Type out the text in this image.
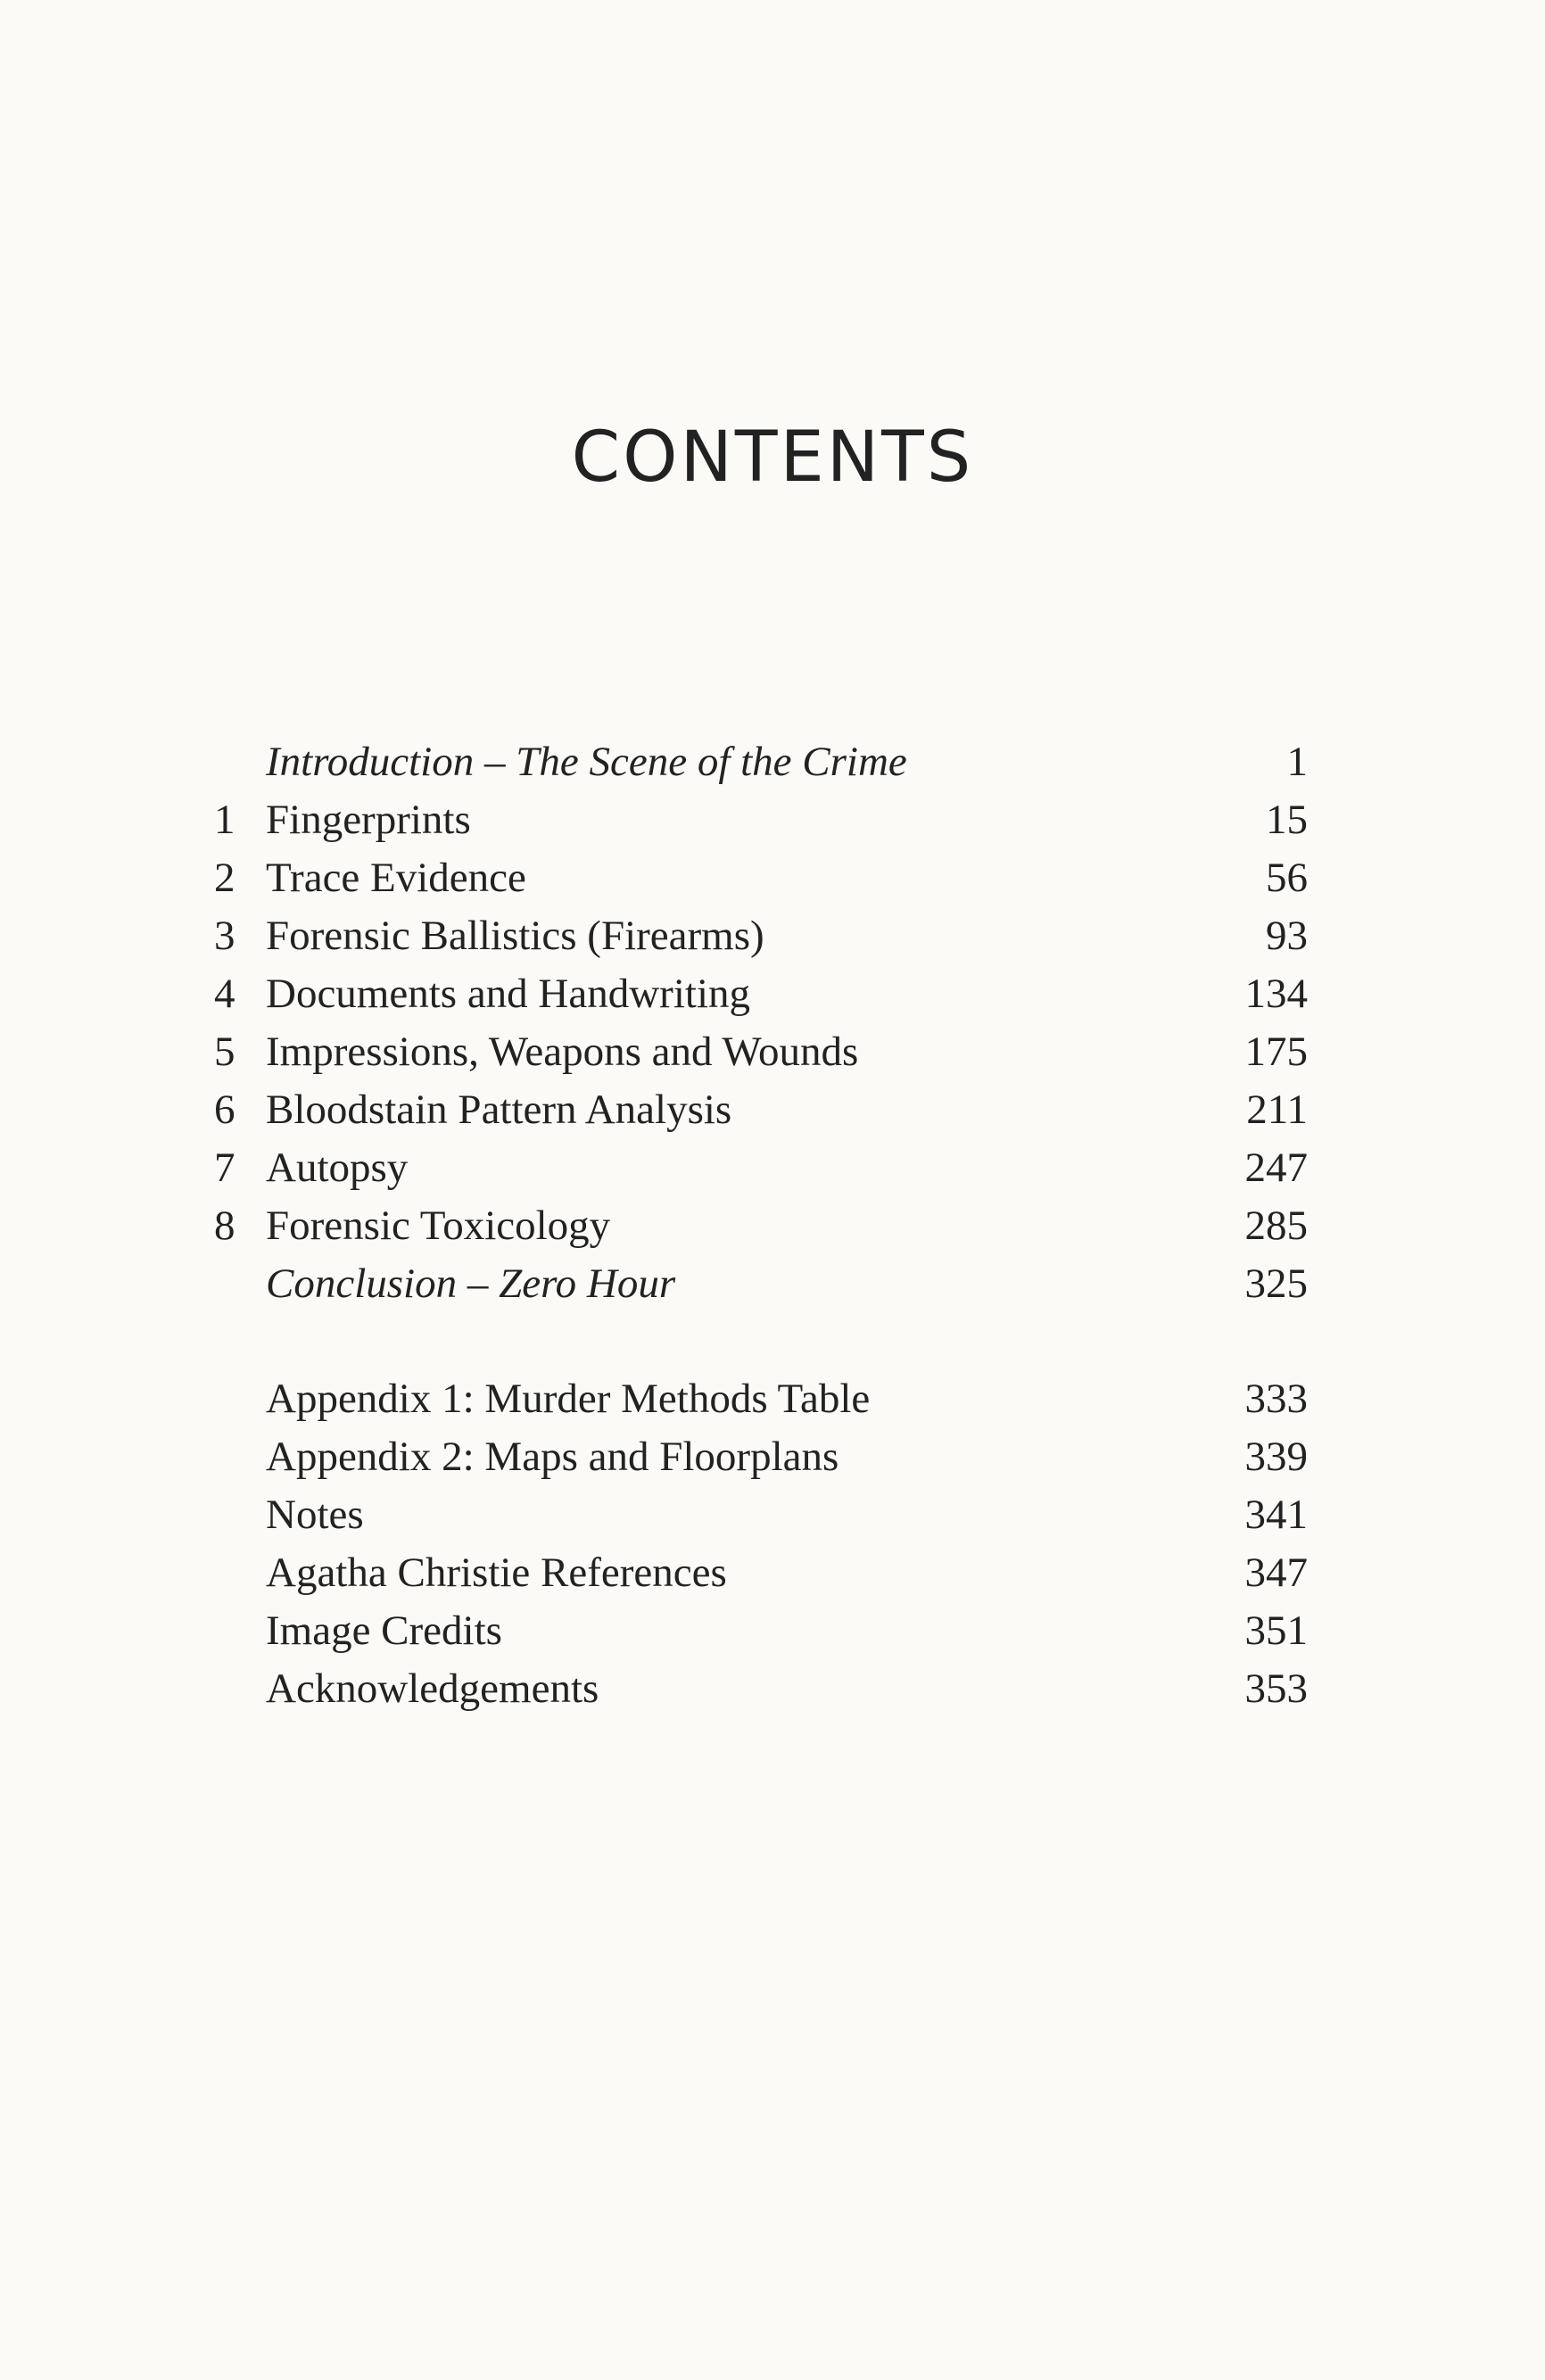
CONTENTS
Introduction – The Scene of the Crime	1
1 Fingerprints	15
2 Trace Evidence	56
3 Forensic Ballistics (Firearms)	93
4 Documents and Handwriting	134
5 Impressions, Weapons and Wounds	175
6 Bloodstain Pattern Analysis	211
7 Autopsy	247
8 Forensic Toxicology	285
Conclusion – Zero Hour	325
Appendix 1: Murder Methods Table	333
Appendix 2: Maps and Floorplans	339
Notes	341
Agatha Christie References	347
Image Credits	351
Acknowledgements	353
